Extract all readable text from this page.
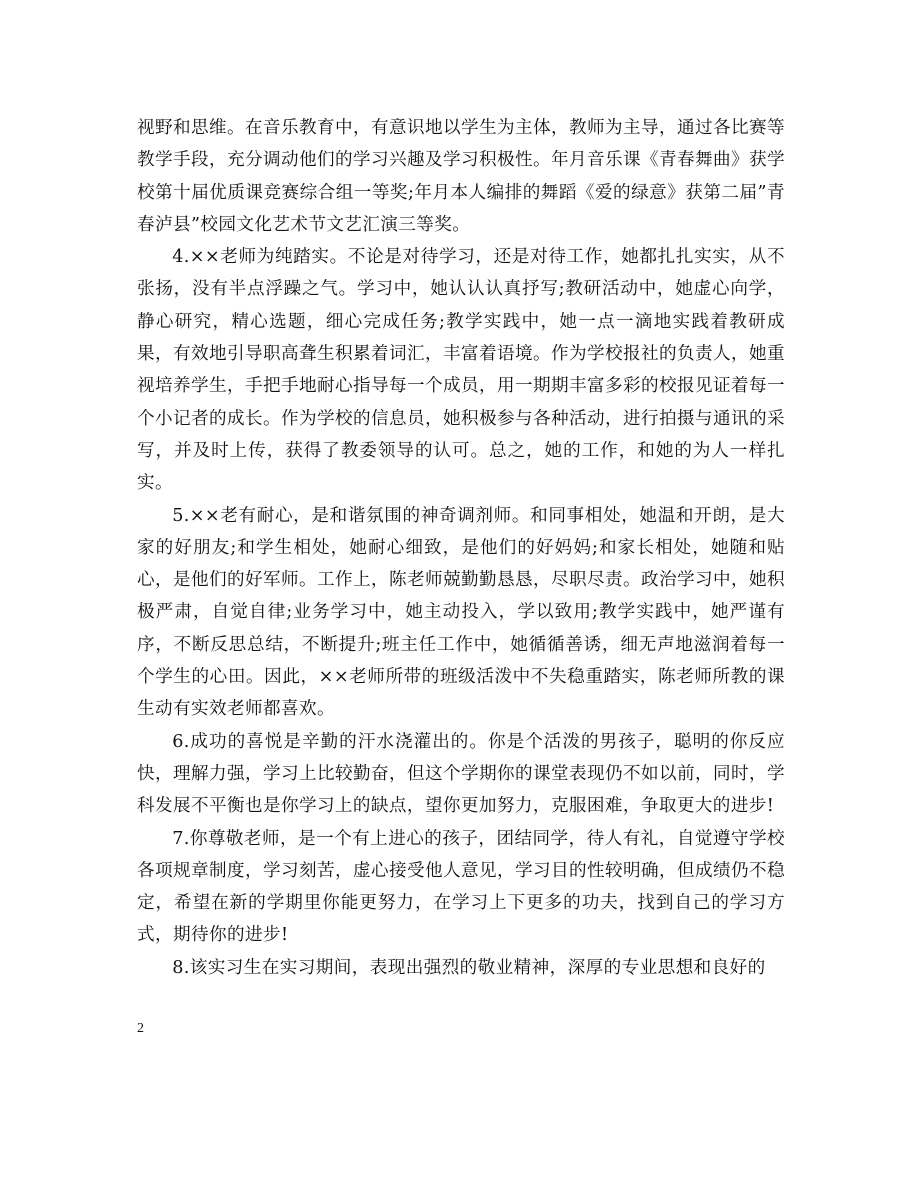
视野和思维。在音乐教育中，有意识地以学生为主体，教师为主导，通过各比赛等教学手段，充分调动他们的学习兴趣及学习积极性。年月音乐课《青春舞曲》获学校第十届优质课竞赛综合组一等奖;年月本人编排的舞蹈《爱的绿意》获第二届”青春泸县”校园文化艺术节文艺汇演三等奖。

4.××老师为纯踏实。不论是对待学习，还是对待工作，她都扎扎实实，从不张扬，没有半点浮躁之气。学习中，她认认认真抒写;教研活动中，她虚心向学，静心研究，精心选题，细心完成任务;教学实践中，她一点一滴地实践着教研成果，有效地引导职高聋生积累着词汇，丰富着语境。作为学校报社的负责人，她重视培养学生，手把手地耐心指导每一个成员，用一期期丰富多彩的校报见证着每一个小记者的成长。作为学校的信息员，她积极参与各种活动，进行拍摄与通讯的采写，并及时上传，获得了教委领导的认可。总之，她的工作，和她的为人一样扎实。

5.××老有耐心，是和谐氛围的神奇调剂师。和同事相处，她温和开朗，是大家的好朋友;和学生相处，她耐心细致，是他们的好妈妈;和家长相处，她随和贴心，是他们的好军师。工作上，陈老师兢勤勤恳恳，尽职尽责。政治学习中，她积极严肃，自觉自律;业务学习中，她主动投入，学以致用;教学实践中，她严谨有序，不断反思总结，不断提升;班主任工作中，她循循善诱，细无声地滋润着每一个学生的心田。因此，××老师所带的班级活泼中不失稳重踏实，陈老师所教的课生动有实效老师都喜欢。

6.成功的喜悦是辛勤的汗水浇灌出的。你是个活泼的男孩子，聪明的你反应快，理解力强，学习上比较勤奋，但这个学期你的课堂表现仍不如以前，同时，学科发展不平衡也是你学习上的缺点，望你更加努力，克服困难，争取更大的进步!

7.你尊敬老师，是一个有上进心的孩子，团结同学，待人有礼，自觉遵守学校各项规章制度，学习刻苦，虚心接受他人意见，学习目的性较明确，但成绩仍不稳定，希望在新的学期里你能更努力，在学习上下更多的功夫，找到自己的学习方式，期待你的进步!

8.该实习生在实习期间，表现出强烈的敬业精神，深厚的专业思想和良好的

2
